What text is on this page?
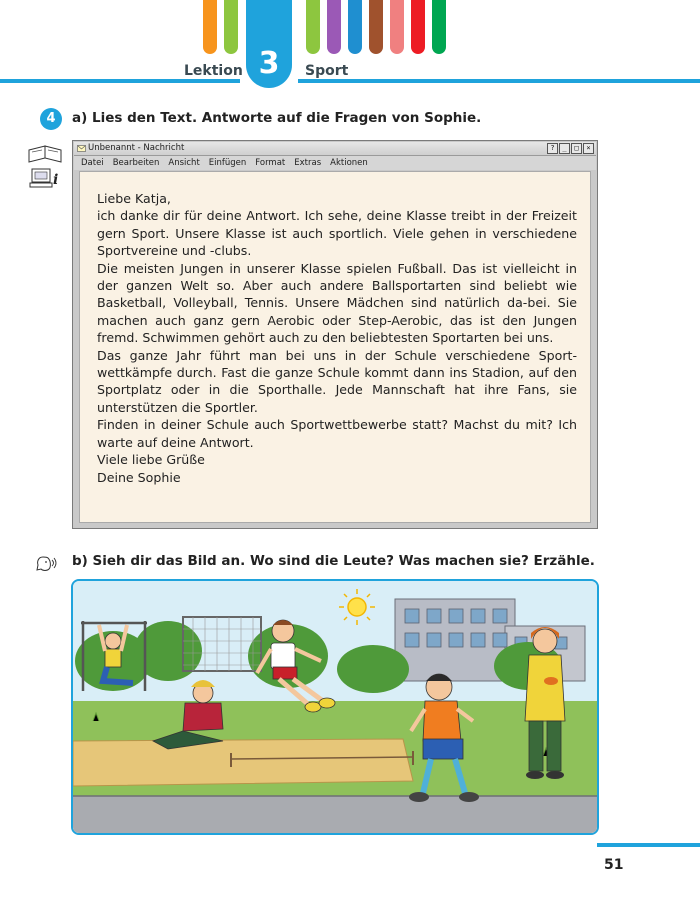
3
Lektion	Sport
4	a) Lies den Text. Antworte auf die Fragen von Sophie.
i
Unbenannt - Nachricht	?	_	□	×
Datei Bearbeiten Ansicht Einfügen Format Extras Aktionen

Liebe Katja,

ich danke dir für deine Antwort. Ich sehe, deine Klasse treibt in der Freizeit gern Sport. Unsere Klasse ist auch sportlich. Viele gehen in verschiedene Sportvereine und -clubs.

Die meisten Jungen in unserer Klasse spielen Fußball. Das ist vielleicht in der ganzen Welt so. Aber auch andere Ballsportarten sind beliebt wie Basketball, Volleyball, Tennis. Unsere Mädchen sind natürlich da-bei. Sie machen auch ganz gern Aerobic oder Step-Aerobic, das ist den Jungen fremd. Schwimmen gehört auch zu den beliebtesten Sportarten bei uns.

Das ganze Jahr führt man bei uns in der Schule verschiedene Sport-wettkämpfe durch. Fast die ganze Schule kommt dann ins Stadion, auf den Sportplatz oder in die Sporthalle. Jede Mannschaft hat ihre Fans, sie unterstützen die Sportler.

Finden in deiner Schule auch Sportwettbewerbe statt? Machst du mit? Ich warte auf deine Antwort.

Viele liebe Grüße

Deine Sophie

b) Sieh dir das Bild an. Wo sind die Leute? Was machen sie? Erzähle.
51
